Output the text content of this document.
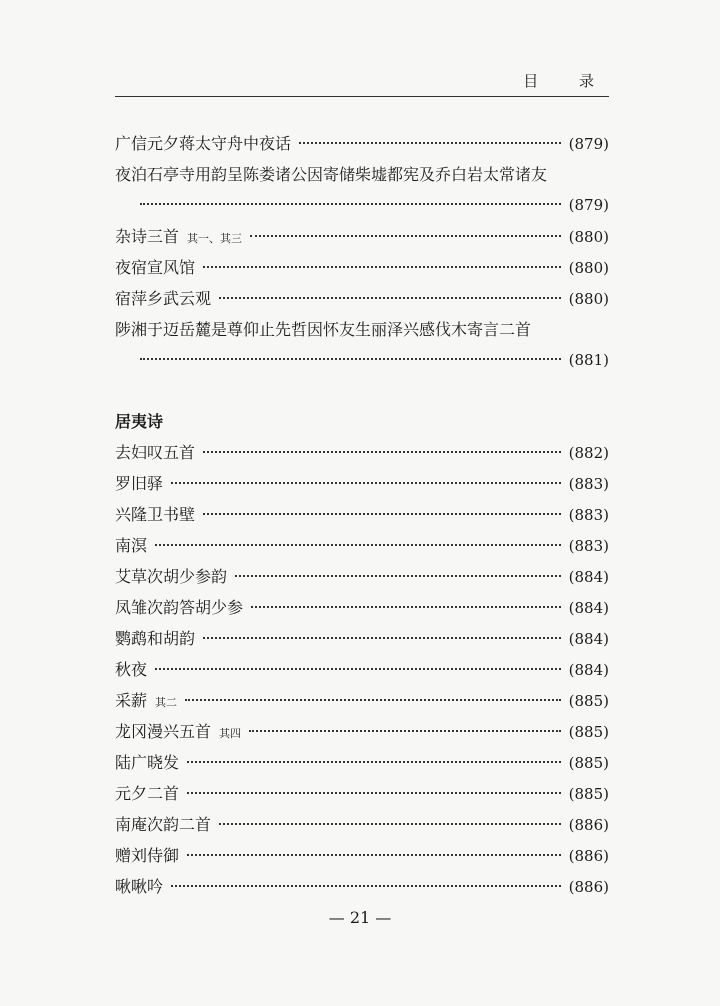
目 录
广信元夕蒋太守舟中夜话	(879)
夜泊石亭寺用韵呈陈娄诸公因寄储柴墟都宪及乔白岩太常诸友
(879)
杂诗三首 其一、其三	(880)
夜宿宣风馆	(880)
宿萍乡武云观	(880)
陟湘于迈岳麓是尊仰止先哲因怀友生丽泽兴感伐木寄言二首
(881)
居夷诗
去妇叹五首	(882)
罗旧驿	(883)
兴隆卫书壁	(883)
南溟	(883)
艾草次胡少参韵	(884)
凤雏次韵答胡少参	(884)
鹦鹉和胡韵	(884)
秋夜	(884)
采薪 其二	(885)
龙冈漫兴五首 其四	(885)
陆广晓发	(885)
元夕二首	(885)
南庵次韵二首	(886)
赠刘侍御	(886)
啾啾吟	(886)
— 21 —
